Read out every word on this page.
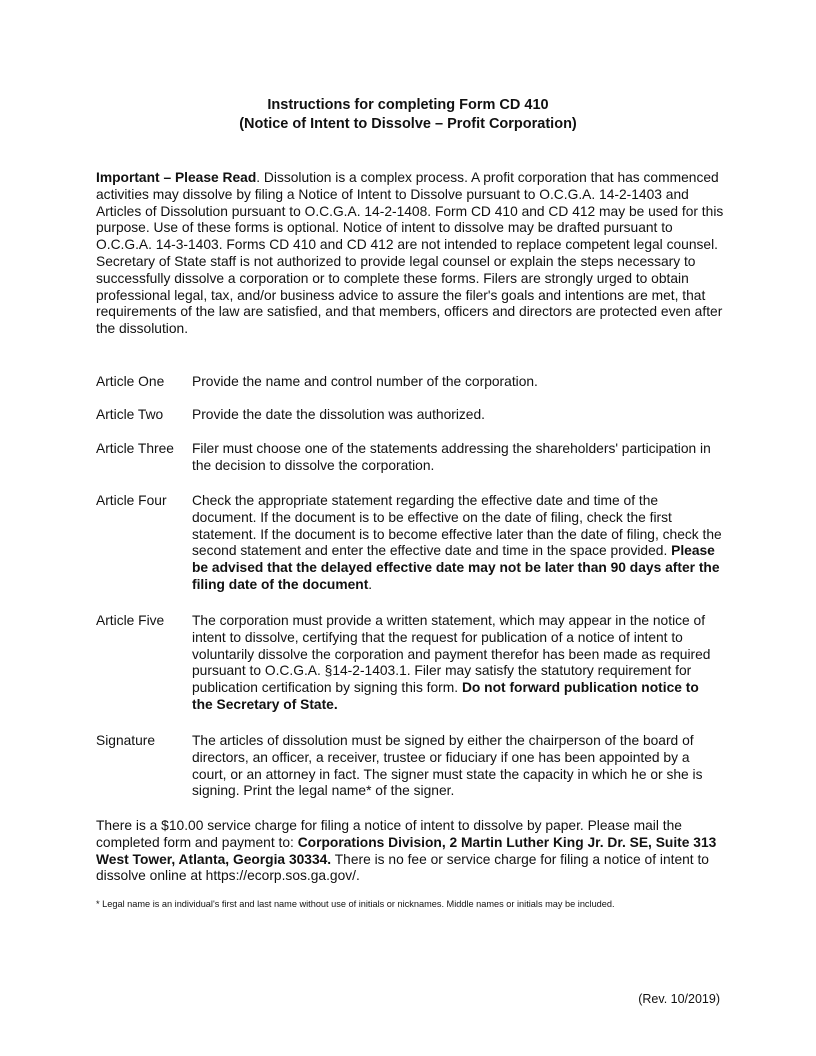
Instructions for completing Form CD 410
(Notice of Intent to Dissolve – Profit Corporation)
Important – Please Read. Dissolution is a complex process. A profit corporation that has commenced activities may dissolve by filing a Notice of Intent to Dissolve pursuant to O.C.G.A. 14-2-1403 and Articles of Dissolution pursuant to O.C.G.A. 14-2-1408. Form CD 410 and CD 412 may be used for this purpose. Use of these forms is optional. Notice of intent to dissolve may be drafted pursuant to O.C.G.A. 14-3-1403. Forms CD 410 and CD 412 are not intended to replace competent legal counsel. Secretary of State staff is not authorized to provide legal counsel or explain the steps necessary to successfully dissolve a corporation or to complete these forms. Filers are strongly urged to obtain professional legal, tax, and/or business advice to assure the filer's goals and intentions are met, that requirements of the law are satisfied, and that members, officers and directors are protected even after the dissolution.
Article One	Provide the name and control number of the corporation.
Article Two	Provide the date the dissolution was authorized.
Article Three	Filer must choose one of the statements addressing the shareholders' participation in the decision to dissolve the corporation.
Article Four	Check the appropriate statement regarding the effective date and time of the document. If the document is to be effective on the date of filing, check the first statement. If the document is to become effective later than the date of filing, check the second statement and enter the effective date and time in the space provided. Please be advised that the delayed effective date may not be later than 90 days after the filing date of the document.
Article Five	The corporation must provide a written statement, which may appear in the notice of intent to dissolve, certifying that the request for publication of a notice of intent to voluntarily dissolve the corporation and payment therefor has been made as required pursuant to O.C.G.A. §14-2-1403.1. Filer may satisfy the statutory requirement for publication certification by signing this form. Do not forward publication notice to the Secretary of State.
Signature	The articles of dissolution must be signed by either the chairperson of the board of directors, an officer, a receiver, trustee or fiduciary if one has been appointed by a court, or an attorney in fact. The signer must state the capacity in which he or she is signing. Print the legal name* of the signer.
There is a $10.00 service charge for filing a notice of intent to dissolve by paper. Please mail the completed form and payment to: Corporations Division, 2 Martin Luther King Jr. Dr. SE, Suite 313 West Tower, Atlanta, Georgia 30334. There is no fee or service charge for filing a notice of intent to dissolve online at https://ecorp.sos.ga.gov/.
* Legal name is an individual's first and last name without use of initials or nicknames. Middle names or initials may be included.
(Rev. 10/2019)
